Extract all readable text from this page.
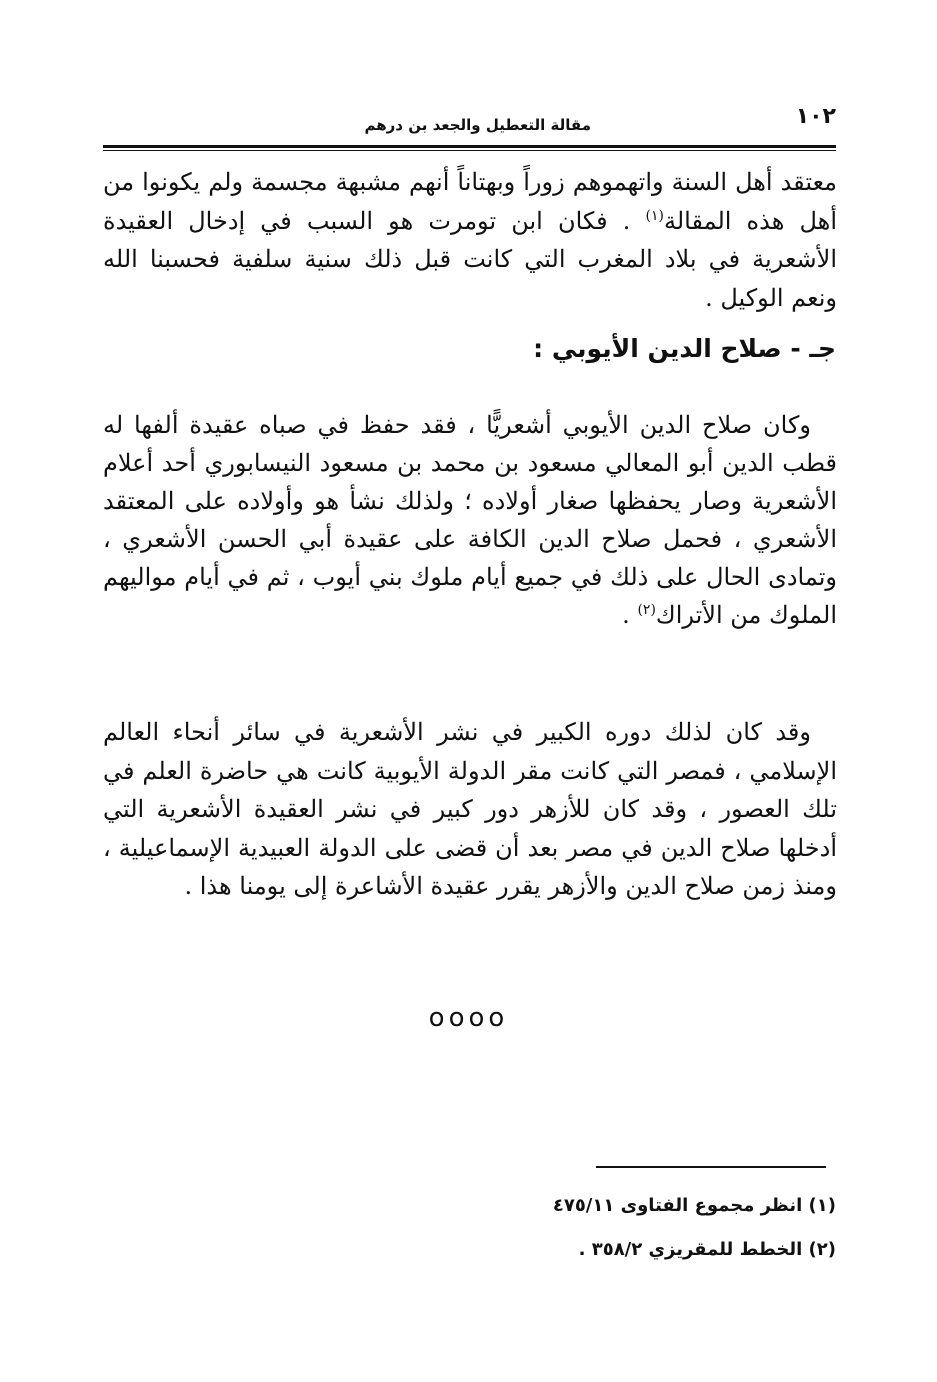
١٠٢
مقالة التعطيل والجعد بن درهم

معتقد أهل السنة واتهموهم زوراً وبهتاناً أنهم مشبهة مجسمة ولم يكونوا من أهل هذه المقالة$^{(١)}$ . فكان ابن تومرت هو السبب في إدخال العقيدة الأشعرية في بلاد المغرب التي كانت قبل ذلك سنية سلفية فحسبنا الله ونعم الوكيل .

جـ - صلاح الدين الأيوبي :

وكان صلاح الدين الأيوبي أشعريًّا ، فقد حفظ في صباه عقيدة ألفها له قطب الدين أبو المعالي مسعود بن محمد بن مسعود النيسابوري أحد أعلام الأشعرية وصار يحفظها صغار أولاده ؛ ولذلك نشأ هو وأولاده على المعتقد الأشعري ، فحمل صلاح الدين الكافة على عقيدة أبي الحسن الأشعري ، وتمادى الحال على ذلك في جميع أيام ملوك بني أيوب ، ثم في أيام مواليهم الملوك من الأتراك$^{(٢)}$ .

وقد كان لذلك دوره الكبير في نشر الأشعرية في سائر أنحاء العالم الإسلامي ، فمصر التي كانت مقر الدولة الأيوبية كانت هي حاضرة العلم في تلك العصور ، وقد كان للأزهر دور كبير في نشر العقيدة الأشعرية التي أدخلها صلاح الدين في مصر بعد أن قضى على الدولة العبيدية الإسماعيلية ، ومنذ زمن صلاح الدين والأزهر يقرر عقيدة الأشاعرة إلى يومنا هذا .

oooo
(١) انظر مجموع الفتاوى ٤٧٥/١١
(٢) الخطط للمقريزي ٣٥٨/٢ .
